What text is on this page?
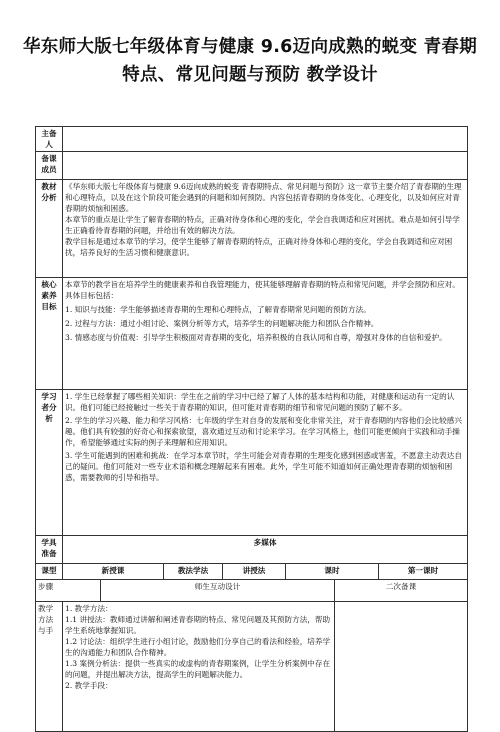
华东师大版七年级体育与健康 9.6迈向成熟的蜕变 青春期特点、常见问题与预防 教学设计
主备人							
备课成员							
教材分析	《华东师大版七年级体育与健康 9.6迈向成熟的蜕变 青春期特点、常见问题与预防》这一章节主要介绍了青春期的生理和心理特点，以及在这个阶段可能会遇到的问题和如何预防。内容包括青春期的身体变化、心理变化，以及如何应对青春期的烦恼和困惑。

本章节的重点是让学生了解青春期的特点，正确对待身体和心理的变化，学会自我调适和应对困扰。难点是如何引导学生正确看待青春期的问题，并给出有效的解决方法。

教学目标是通过本章节的学习，使学生能够了解青春期的特点，正确对待身体和心理的变化，学会自我调适和应对困扰，培养良好的生活习惯和健康意识。						

核心素养目标	本章节的教学旨在培养学生的健康素养和自我管理能力，使其能够理解青春期的特点和常见问题，并学会预防和应对。具体目标包括：

1. 知识与技能：学生能够描述青春期的生理和心理特点，了解青春期常见问题的预防方法。

2. 过程与方法：通过小组讨论、案例分析等方式，培养学生的问题解决能力和团队合作精神。

3. 情感态度与价值观：引导学生积极面对青春期的变化，培养积极的自我认同和自尊，增强对身体的自信和爱护。						

学习者分析	1. 学生已经掌握了哪些相关知识：学生在之前的学习中已经了解了人体的基本结构和功能，对健康和运动有一定的认识。他们可能已经接触过一些关于青春期的知识，但可能对青春期的细节和常见问题的预防了解不多。

2. 学生的学习兴趣、能力和学习风格：七年级的学生对自身的发展和变化非常关注，对于青春期的内容他们会比较感兴趣。他们具有较强的好奇心和探索欲望，喜欢通过互动和讨论来学习。在学习风格上，他们可能更倾向于实践和动手操作，希望能够通过实际的例子来理解和应用知识。

3. 学生可能遇到的困难和挑战：在学习本章节时，学生可能会对青春期的生理变化感到困惑或害羞，不愿意主动表达自己的疑问。他们可能对一些专业术语和概念理解起来有困难。此外，学生可能不知道如何正确处理青春期的烦恼和困惑，需要教师的引导和指导。						

学具准备	多媒体						
课型	新授课		教法学法	讲授法	课时		第一课时
步骤		师生互动设计				二次备课	
教学方法与手	1. 教学方法：

1.1 讲授法：教师通过讲解和阐述青春期的特点、常见问题及其预防方法，帮助学生系统地掌握知识。

1.2 讨论法：组织学生进行小组讨论，鼓励他们分享自己的看法和经验，培养学生的沟通能力和团队合作精神。

1.3 案例分析法：提供一些真实的或虚构的青春期案例，让学生分析案例中存在的问题，并提出解决方法，提高学生的问题解决能力。

2. 教学手段：						
